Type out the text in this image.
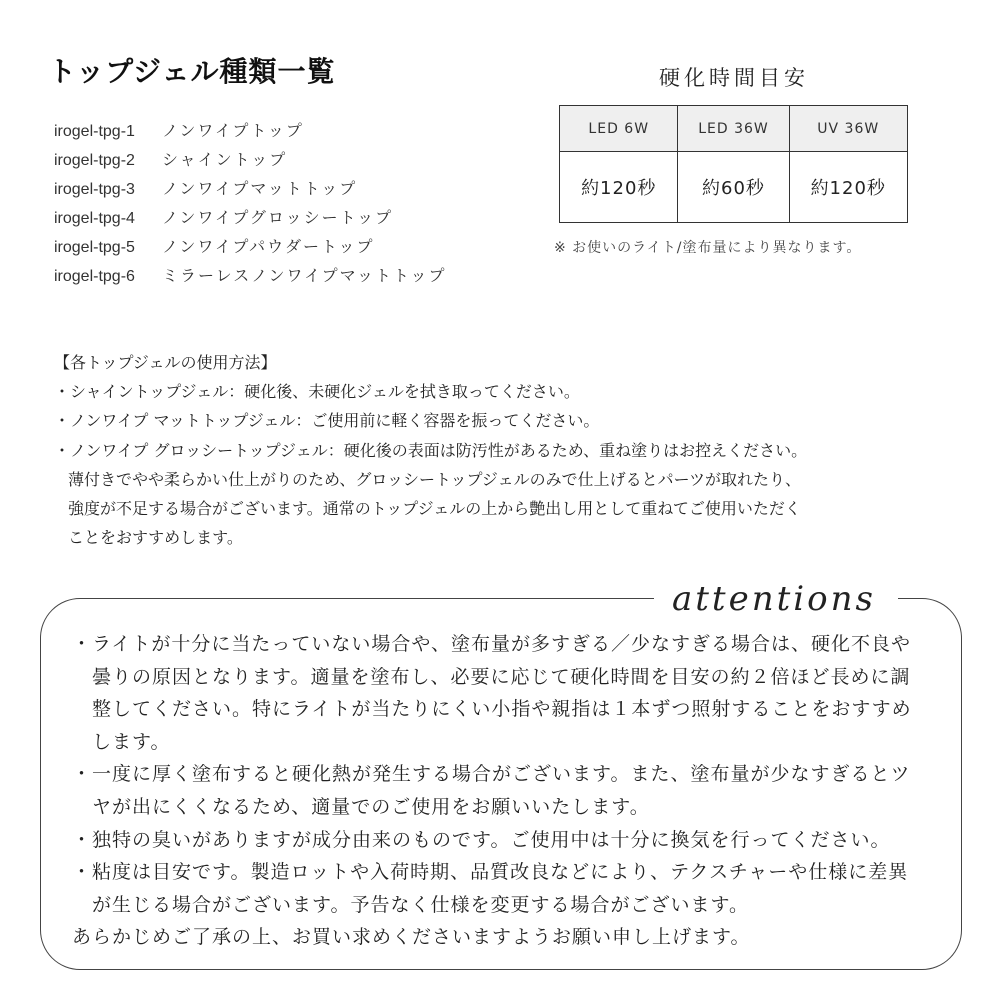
トップジェル種類一覧
irogel-tpg-1 ノンワイプトップ
irogel-tpg-2 シャイントップ
irogel-tpg-3 ノンワイプマットトップ
irogel-tpg-4 ノンワイプグロッシートップ
irogel-tpg-5 ノンワイプパウダートップ
irogel-tpg-6 ミラーレスノンワイプマットトップ
硬化時間目安
LED 6W	LED 36W	UV 36W
約120秒	約60秒	約120秒
※ お使いのライト/塗布量により異なります。
【各トップジェルの使用方法】
・シャイントップジェル：硬化後、未硬化ジェルを拭き取ってください。
・ノンワイプ マットトップジェル：ご使用前に軽く容器を振ってください。
・ノンワイプ グロッシートップジェル：硬化後の表面は防汚性があるため、重ね塗りはお控えください。
薄付きでやや柔らかい仕上がりのため、グロッシートップジェルのみで仕上げるとパーツが取れたり、
強度が不足する場合がございます。通常のトップジェルの上から艶出し用として重ねてご使用いただく
ことをおすすめします。
attentions
・ライトが十分に当たっていない場合や、塗布量が多すぎる／少なすぎる場合は、硬化不良や
曇りの原因となります。適量を塗布し、必要に応じて硬化時間を目安の約２倍ほど長めに調
整してください。特にライトが当たりにくい小指や親指は１本ずつ照射することをおすすめ
します。
・一度に厚く塗布すると硬化熱が発生する場合がございます。また、塗布量が少なすぎるとツ
ヤが出にくくなるため、適量でのご使用をお願いいたします。
・独特の臭いがありますが成分由来のものです。ご使用中は十分に換気を行ってください。
・粘度は目安です。製造ロットや入荷時期、品質改良などにより、テクスチャーや仕様に差異
が生じる場合がございます。予告なく仕様を変更する場合がございます。
あらかじめご了承の上、お買い求めくださいますようお願い申し上げます。
